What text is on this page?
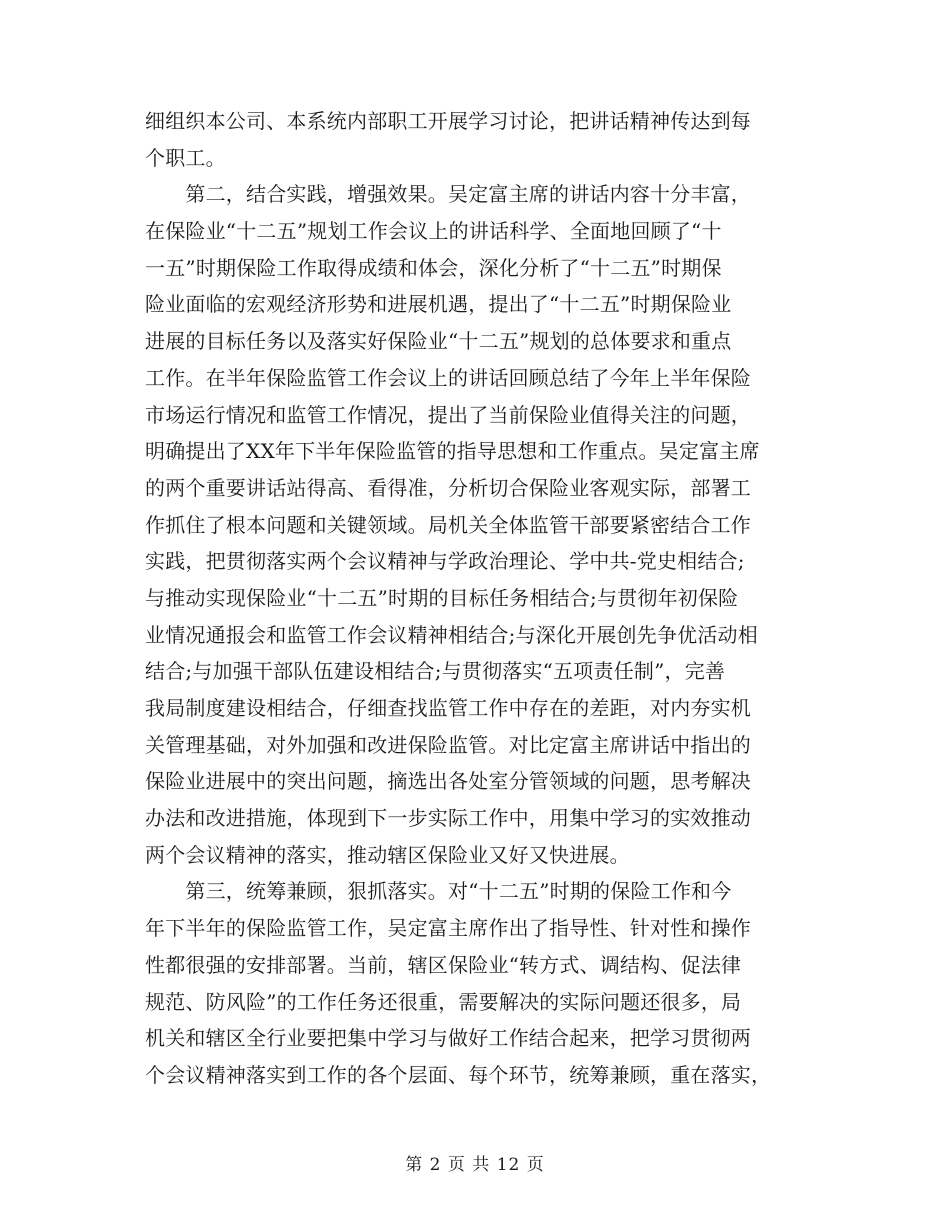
细组织本公司、本系统内部职工开展学习讨论，把讲话精神传达到每
个职工。
　　第二，结合实践，增强效果。吴定富主席的讲话内容十分丰富，
在保险业“十二五”规划工作会议上的讲话科学、全面地回顾了“十
一五”时期保险工作取得成绩和体会，深化分析了“十二五”时期保
险业面临的宏观经济形势和进展机遇，提出了“十二五”时期保险业
进展的目标任务以及落实好保险业“十二五”规划的总体要求和重点
工作。在半年保险监管工作会议上的讲话回顾总结了今年上半年保险
市场运行情况和监管工作情况，提出了当前保险业值得关注的问题，
明确提出了XX年下半年保险监管的指导思想和工作重点。吴定富主席
的两个重要讲话站得高、看得准，分析切合保险业客观实际，部署工
作抓住了根本问题和关键领域。局机关全体监管干部要紧密结合工作
实践，把贯彻落实两个会议精神与学政治理论、学中共-党史相结合;
与推动实现保险业“十二五”时期的目标任务相结合;与贯彻年初保险
业情况通报会和监管工作会议精神相结合;与深化开展创先争优活动相
结合;与加强干部队伍建设相结合;与贯彻落实“五项责任制”，完善
我局制度建设相结合，仔细查找监管工作中存在的差距，对内夯实机
关管理基础，对外加强和改进保险监管。对比定富主席讲话中指出的
保险业进展中的突出问题，摘选出各处室分管领域的问题，思考解决
办法和改进措施，体现到下一步实际工作中，用集中学习的实效推动
两个会议精神的落实，推动辖区保险业又好又快进展。
　　第三，统筹兼顾，狠抓落实。对“十二五”时期的保险工作和今
年下半年的保险监管工作，吴定富主席作出了指导性、针对性和操作
性都很强的安排部署。当前，辖区保险业“转方式、调结构、促法律
规范、防风险”的工作任务还很重，需要解决的实际问题还很多，局
机关和辖区全行业要把集中学习与做好工作结合起来，把学习贯彻两
个会议精神落实到工作的各个层面、每个环节，统筹兼顾，重在落实，
第 2 页 共 12 页
